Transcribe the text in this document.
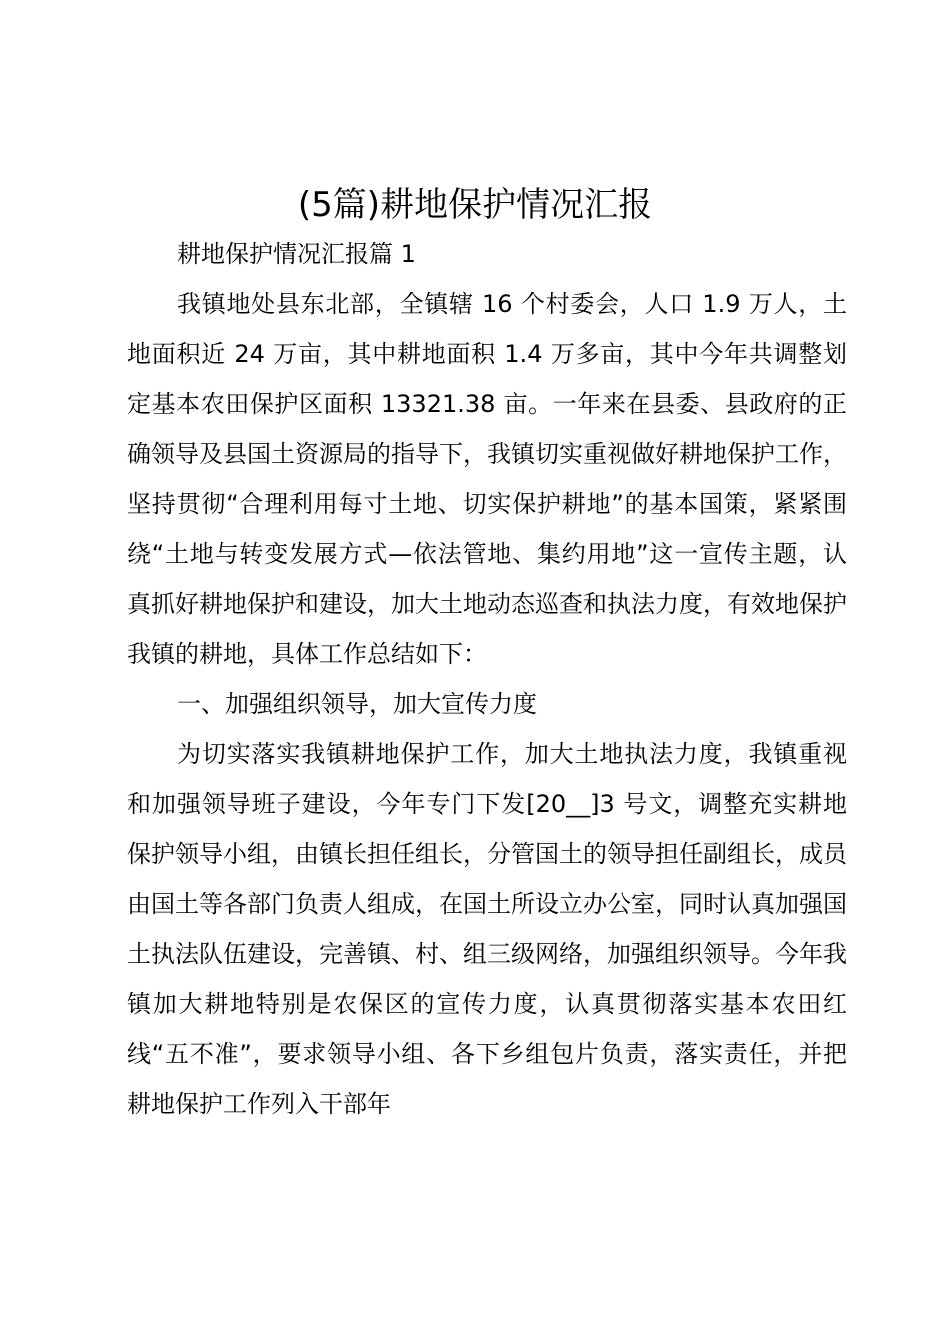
(5篇)耕地保护情况汇报

耕地保护情况汇报篇 1

我镇地处县东北部，全镇辖 16 个村委会，人口 1.9 万人，土地面积近 24 万亩，其中耕地面积 1.4 万多亩，其中今年共调整划定基本农田保护区面积 13321.38 亩。一年来在县委、县政府的正确领导及县国土资源局的指导下，我镇切实重视做好耕地保护工作，坚持贯彻“合理利用每寸土地、切实保护耕地”的基本国策，紧紧围绕“土地与转变发展方式—依法管地、集约用地”这一宣传主题，认真抓好耕地保护和建设，加大土地动态巡查和执法力度，有效地保护我镇的耕地，具体工作总结如下：

一、加强组织领导，加大宣传力度

为切实落实我镇耕地保护工作，加大土地执法力度，我镇重视和加强领导班子建设，今年专门下发[20__]3 号文，调整充实耕地保护领导小组，由镇长担任组长，分管国土的领导担任副组长，成员由国土等各部门负责人组成，在国土所设立办公室，同时认真加强国土执法队伍建设，完善镇、村、组三级网络，加强组织领导。今年我镇加大耕地特别是农保区的宣传力度，认真贯彻落实基本农田红线“五不准”，要求领导小组、各下乡组包片负责，落实责任，并把耕地保护工作列入干部年
